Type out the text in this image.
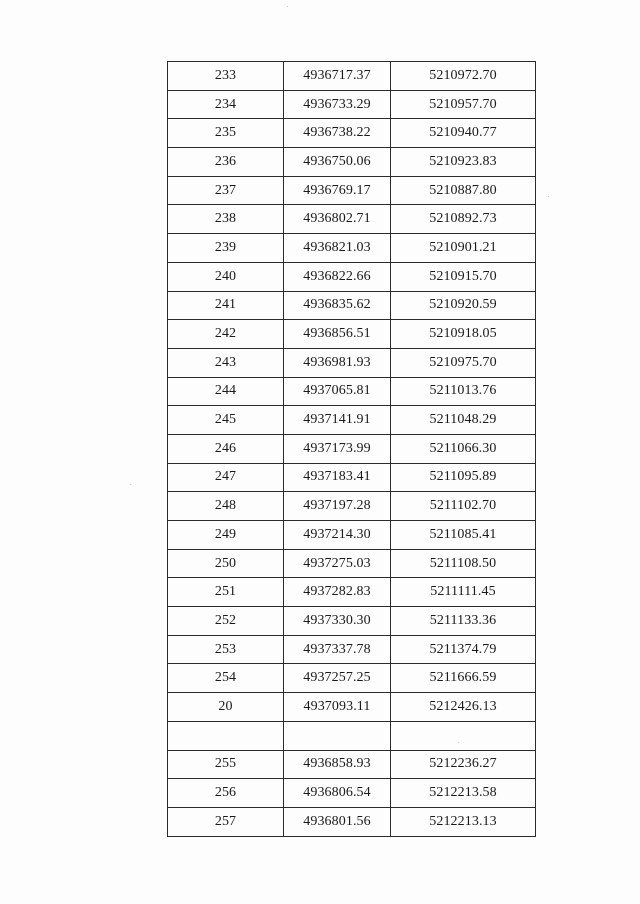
233	4936717.37	5210972.70
234	4936733.29	5210957.70
235	4936738.22	5210940.77
236	4936750.06	5210923.83
237	4936769.17	5210887.80
238	4936802.71	5210892.73
239	4936821.03	5210901.21
240	4936822.66	5210915.70
241	4936835.62	5210920.59
242	4936856.51	5210918.05
243	4936981.93	5210975.70
244	4937065.81	5211013.76
245	4937141.91	5211048.29
246	4937173.99	5211066.30
247	4937183.41	5211095.89
248	4937197.28	5211102.70
249	4937214.30	5211085.41
250	4937275.03	5211108.50
251	4937282.83	5211111.45
252	4937330.30	5211133.36
253	4937337.78	5211374.79
254	4937257.25	5211666.59
20	4937093.11	5212426.13

255	4936858.93	5212236.27
256	4936806.54	5212213.58
257	4936801.56	5212213.13
